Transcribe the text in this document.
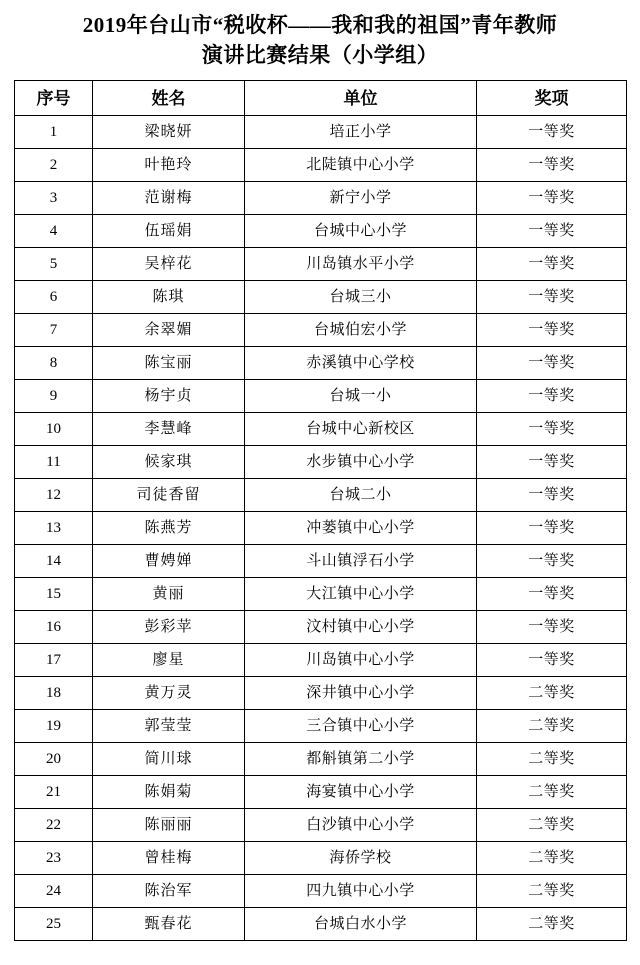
2019年台山市“税收杯——我和我的祖国”青年教师
演讲比赛结果（小学组）
序号	姓名	单位	奖项
1	梁晓妍	培正小学	一等奖
2	叶艳玲	北陡镇中心小学	一等奖
3	范谢梅	新宁小学	一等奖
4	伍瑶娟	台城中心小学	一等奖
5	吴梓花	川岛镇水平小学	一等奖
6	陈琪	台城三小	一等奖
7	余翠媚	台城伯宏小学	一等奖
8	陈宝丽	赤溪镇中心学校	一等奖
9	杨宇贞	台城一小	一等奖
10	李慧峰	台城中心新校区	一等奖
11	候家琪	水步镇中心小学	一等奖
12	司徒香留	台城二小	一等奖
13	陈燕芳	冲蒌镇中心小学	一等奖
14	曹娉婵	斗山镇浮石小学	一等奖
15	黄丽	大江镇中心小学	一等奖
16	彭彩苹	汶村镇中心小学	一等奖
17	廖星	川岛镇中心小学	一等奖
18	黄万灵	深井镇中心小学	二等奖
19	郭莹莹	三合镇中心小学	二等奖
20	简川球	都斛镇第二小学	二等奖
21	陈娟菊	海宴镇中心小学	二等奖
22	陈丽丽	白沙镇中心小学	二等奖
23	曾桂梅	海侨学校	二等奖
24	陈治军	四九镇中心小学	二等奖
25	甄春花	台城白水小学	二等奖
